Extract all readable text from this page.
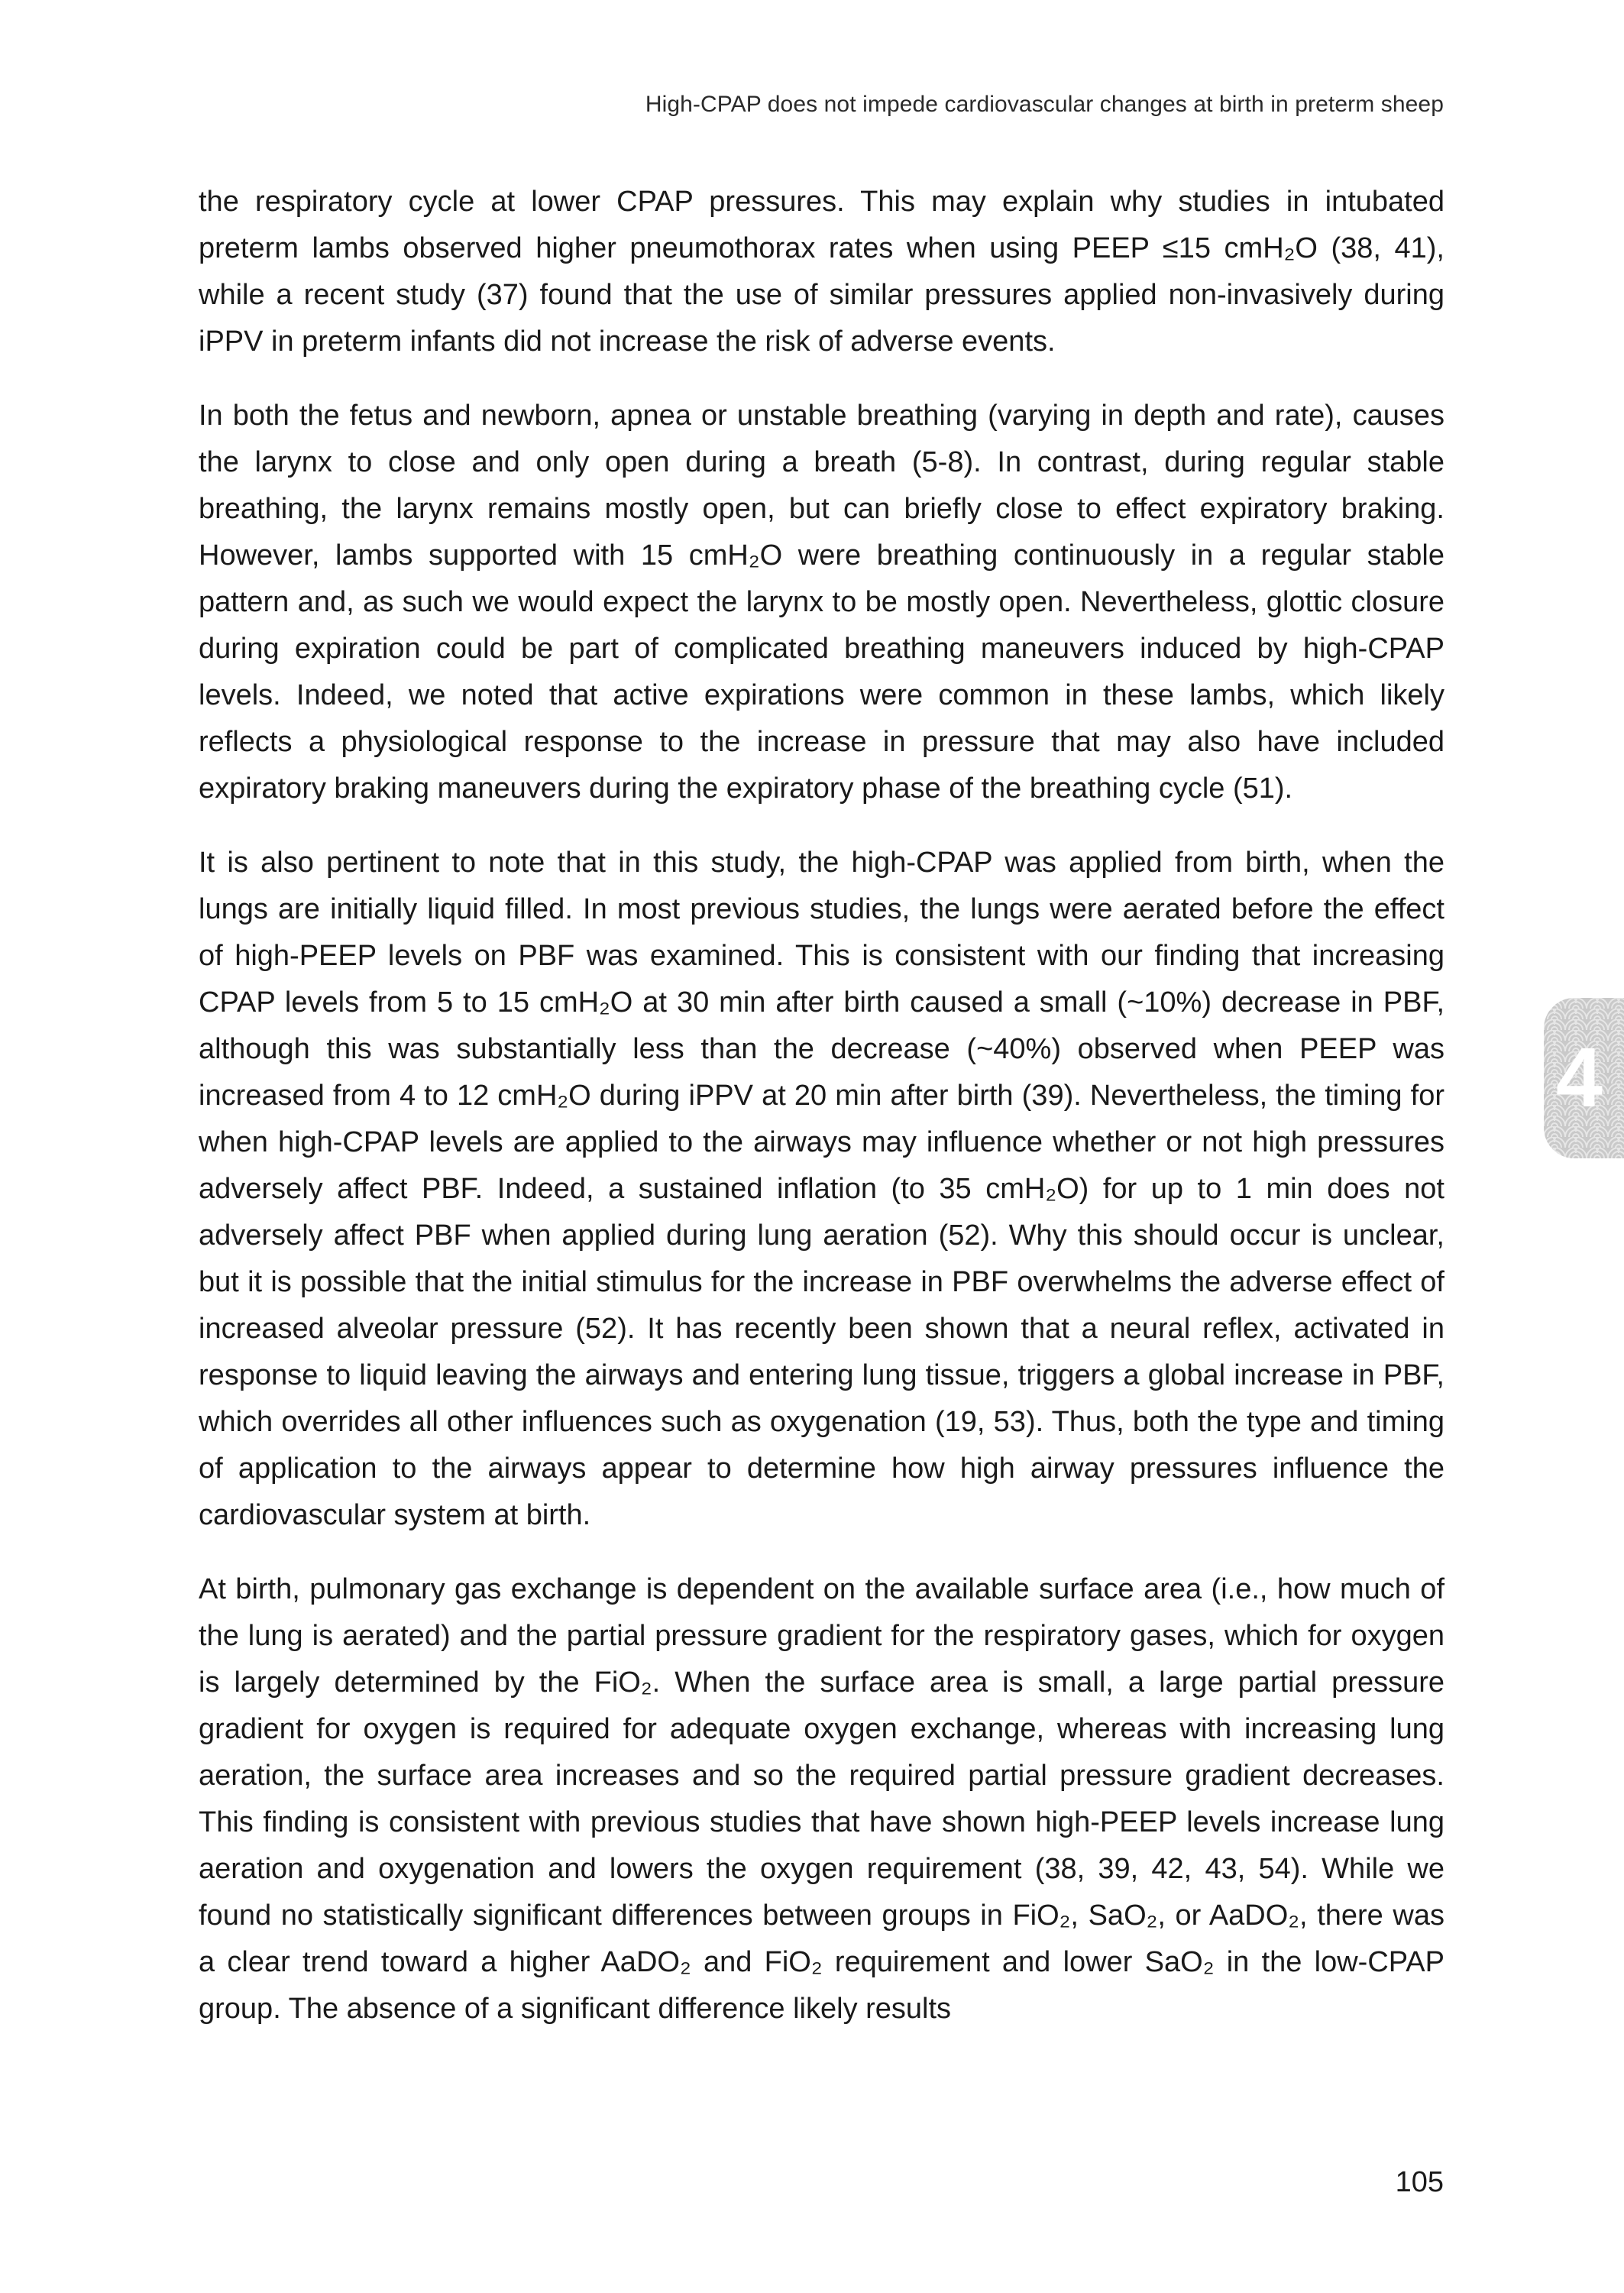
High-CPAP does not impede cardiovascular changes at birth in preterm sheep

the respiratory cycle at lower CPAP pressures. This may explain why studies in intubated preterm lambs observed higher pneumothorax rates when using PEEP ≤15 cmH₂O (38, 41), while a recent study (37) found that the use of similar pressures applied non-invasively during iPPV in preterm infants did not increase the risk of adverse events.

In both the fetus and newborn, apnea or unstable breathing (varying in depth and rate), causes the larynx to close and only open during a breath (5-8). In contrast, during regular stable breathing, the larynx remains mostly open, but can briefly close to effect expiratory braking. However, lambs supported with 15 cmH₂O were breathing continuously in a regular stable pattern and, as such we would expect the larynx to be mostly open. Nevertheless, glottic closure during expiration could be part of complicated breathing maneuvers induced by high-CPAP levels. Indeed, we noted that active expirations were common in these lambs, which likely reflects a physiological response to the increase in pressure that may also have included expiratory braking maneuvers during the expiratory phase of the breathing cycle (51).

It is also pertinent to note that in this study, the high-CPAP was applied from birth, when the lungs are initially liquid filled. In most previous studies, the lungs were aerated before the effect of high-PEEP levels on PBF was examined. This is consistent with our finding that increasing CPAP levels from 5 to 15 cmH₂O at 30 min after birth caused a small (~10%) decrease in PBF, although this was substantially less than the decrease (~40%) observed when PEEP was increased from 4 to 12 cmH₂O during iPPV at 20 min after birth (39). Nevertheless, the timing for when high-CPAP levels are applied to the airways may influence whether or not high pressures adversely affect PBF. Indeed, a sustained inflation (to 35 cmH₂O) for up to 1 min does not adversely affect PBF when applied during lung aeration (52). Why this should occur is unclear, but it is possible that the initial stimulus for the increase in PBF overwhelms the adverse effect of increased alveolar pressure (52). It has recently been shown that a neural reflex, activated in response to liquid leaving the airways and entering lung tissue, triggers a global increase in PBF, which overrides all other influences such as oxygenation (19, 53). Thus, both the type and timing of application to the airways appear to determine how high airway pressures influence the cardiovascular system at birth.

At birth, pulmonary gas exchange is dependent on the available surface area (i.e., how much of the lung is aerated) and the partial pressure gradient for the respiratory gases, which for oxygen is largely determined by the FiO₂. When the surface area is small, a large partial pressure gradient for oxygen is required for adequate oxygen exchange, whereas with increasing lung aeration, the surface area increases and so the required partial pressure gradient decreases. This finding is consistent with previous studies that have shown high-PEEP levels increase lung aeration and oxygenation and lowers the oxygen requirement (38, 39, 42, 43, 54). While we found no statistically significant differences between groups in FiO₂, SaO₂, or AaDO₂, there was a clear trend toward a higher AaDO₂ and FiO₂ requirement and lower SaO₂ in the low-CPAP group. The absence of a significant difference likely results

4
105
